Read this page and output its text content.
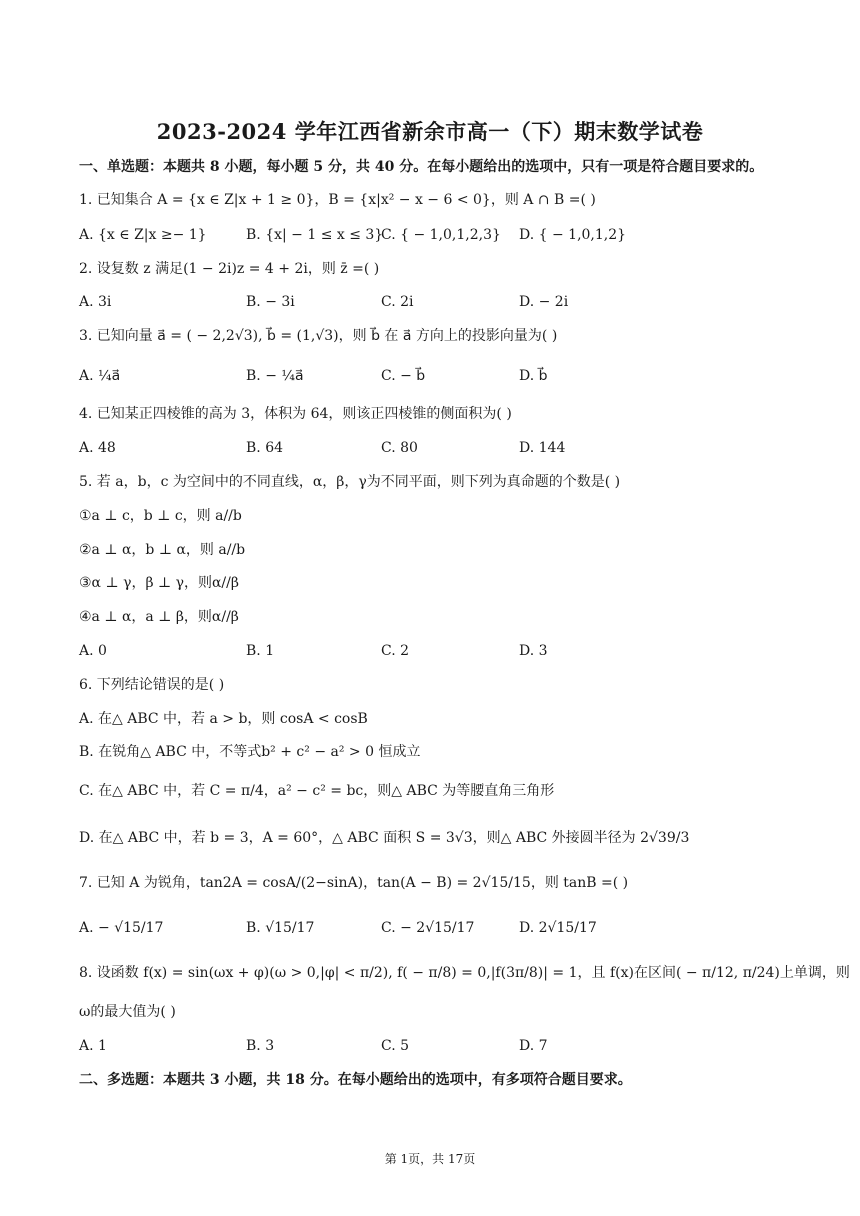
2023-2024 学年江西省新余市高一（下）期末数学试卷
一、单选题：本题共 8 小题，每小题 5 分，共 40 分。在每小题给出的选项中，只有一项是符合题目要求的。
1. 已知集合 A = {x ∈ Z|x + 1 ≥ 0}，B = {x|x² − x − 6 < 0}，则 A ∩ B =( )
A. {x ∈ Z|x ≥− 1}	B. {x| − 1 ≤ x ≤ 3}
C. { − 1,0,1,2,3} D. { − 1,0,1,2}
2. 设复数 z 满足(1 − 2i)z = 4 + 2i，则 z̄ =( )
A. 3i	B. − 3i	C. 2i	D. − 2i
3. 已知向量 a⃗ = ( − 2,2√3), b⃗ = (1,√3)，则 b⃗ 在 a⃗ 方向上的投影向量为( )
A. ¼a⃗	B. − ¼a⃗	C. − b⃗	D. b⃗
4. 已知某正四棱锥的高为 3，体积为 64，则该正四棱锥的侧面积为( )
A. 48	B. 64	C. 80	D. 144
5. 若 a，b，c 为空间中的不同直线，α，β，γ为不同平面，则下列为真命题的个数是( )
①a ⊥ c，b ⊥ c，则 a//b
②a ⊥ α，b ⊥ α，则 a//b
③α ⊥ γ，β ⊥ γ，则α//β
④a ⊥ α，a ⊥ β，则α//β
A. 0	B. 1	C. 2	D. 3
6. 下列结论错误的是( )
A. 在△ ABC 中，若 a > b，则 cosA < cosB
B. 在锐角△ ABC 中，不等式b² + c² − a² > 0 恒成立
C. 在△ ABC 中，若 C = π/4，a² − c² = bc，则△ ABC 为等腰直角三角形
D. 在△ ABC 中，若 b = 3，A = 60°，△ ABC 面积 S = 3√3，则△ ABC 外接圆半径为 2√39/3
7. 已知 A 为锐角，tan2A = cosA/(2−sinA)，tan(A − B) = 2√15/15，则 tanB =( )
A. − √15/17	B. √15/17	C. − 2√15/17	D. 2√15/17
8. 设函数 f(x) = sin(ωx + φ)(ω > 0,|φ| < π/2), f( − π/8) = 0,|f(3π/8)| = 1，且 f(x)在区间( − π/12, π/24)上单调，则
ω的最大值为( )
A. 1	B. 3	C. 5	D. 7
二、多选题：本题共 3 小题，共 18 分。在每小题给出的选项中，有多项符合题目要求。
第 1页，共 17页
